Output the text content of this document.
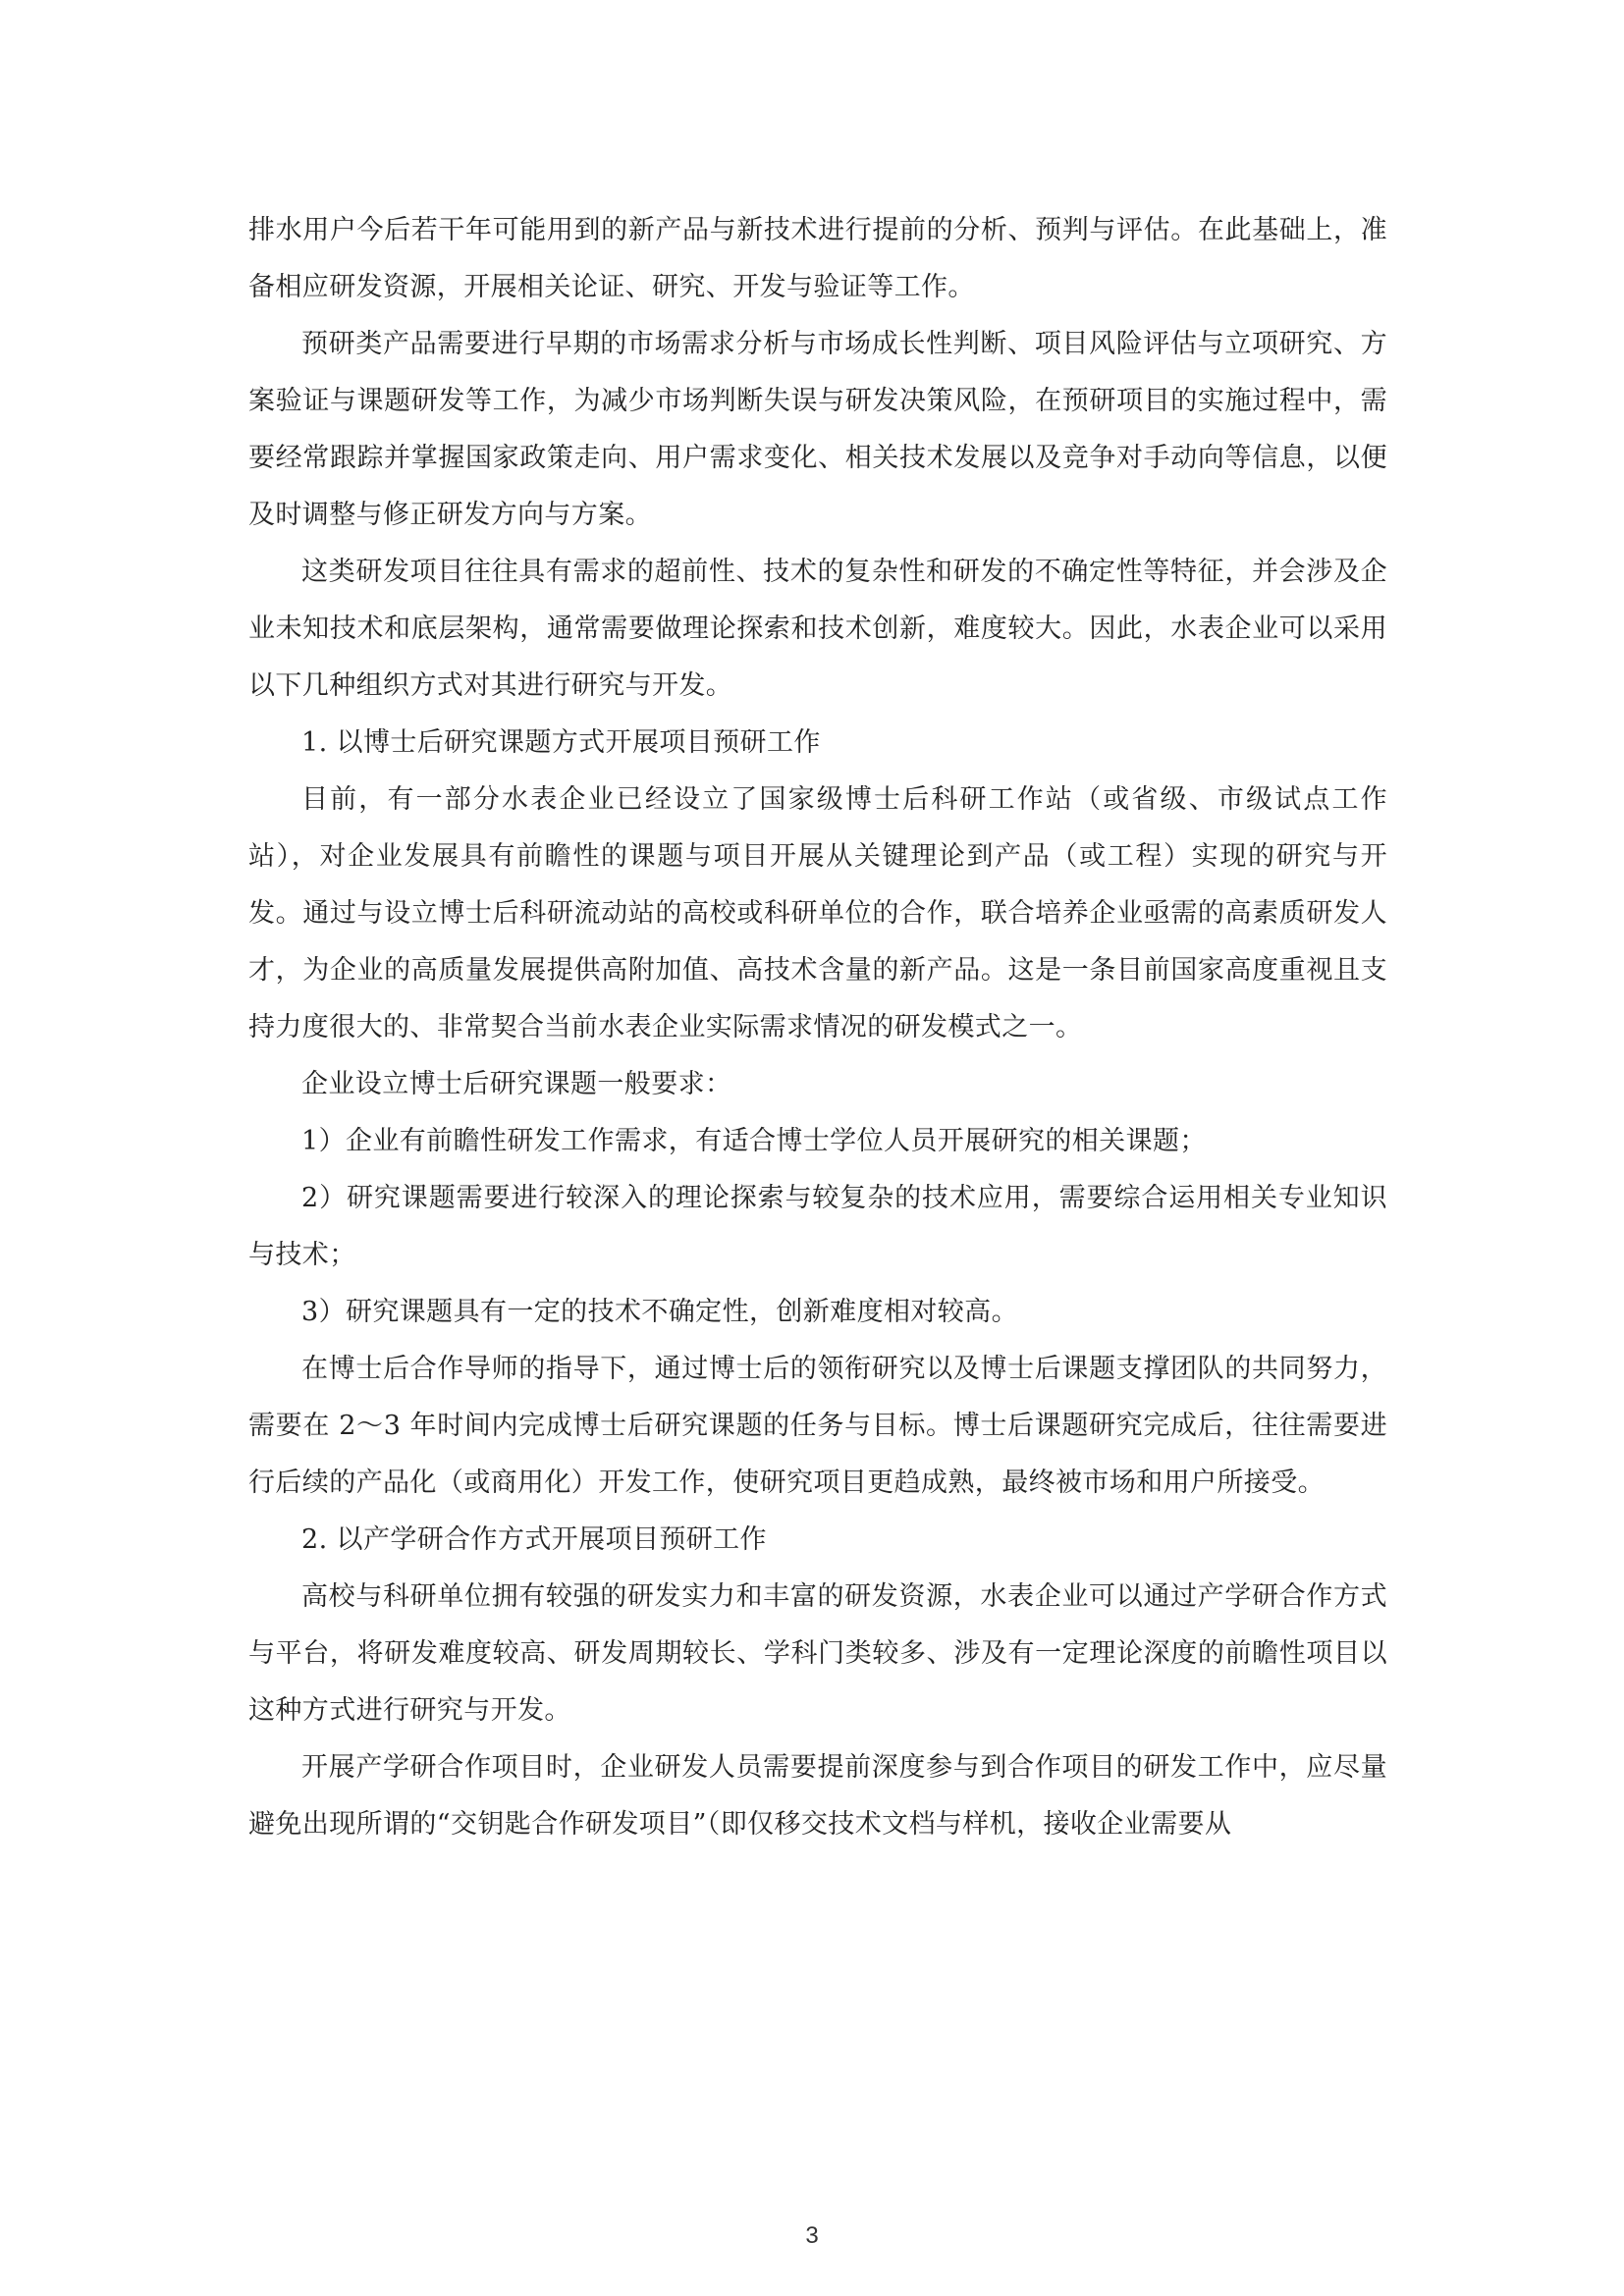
排水用户今后若干年可能用到的新产品与新技术进行提前的分析、预判与评估。在此基础上，准备相应研发资源，开展相关论证、研究、开发与验证等工作。

预研类产品需要进行早期的市场需求分析与市场成长性判断、项目风险评估与立项研究、方案验证与课题研发等工作，为减少市场判断失误与研发决策风险，在预研项目的实施过程中，需要经常跟踪并掌握国家政策走向、用户需求变化、相关技术发展以及竞争对手动向等信息，以便及时调整与修正研发方向与方案。

这类研发项目往往具有需求的超前性、技术的复杂性和研发的不确定性等特征，并会涉及企业未知技术和底层架构，通常需要做理论探索和技术创新，难度较大。因此，水表企业可以采用以下几种组织方式对其进行研究与开发。

1. 以博士后研究课题方式开展项目预研工作

目前，有一部分水表企业已经设立了国家级博士后科研工作站（或省级、市级试点工作站），对企业发展具有前瞻性的课题与项目开展从关键理论到产品（或工程）实现的研究与开发。通过与设立博士后科研流动站的高校或科研单位的合作，联合培养企业亟需的高素质研发人才，为企业的高质量发展提供高附加值、高技术含量的新产品。这是一条目前国家高度重视且支持力度很大的、非常契合当前水表企业实际需求情况的研发模式之一。

企业设立博士后研究课题一般要求：

1）企业有前瞻性研发工作需求，有适合博士学位人员开展研究的相关课题；

2）研究课题需要进行较深入的理论探索与较复杂的技术应用，需要综合运用相关专业知识与技术；

3）研究课题具有一定的技术不确定性，创新难度相对较高。

在博士后合作导师的指导下，通过博士后的领衔研究以及博士后课题支撑团队的共同努力，需要在 2～3 年时间内完成博士后研究课题的任务与目标。博士后课题研究完成后，往往需要进行后续的产品化（或商用化）开发工作，使研究项目更趋成熟，最终被市场和用户所接受。

2. 以产学研合作方式开展项目预研工作

高校与科研单位拥有较强的研发实力和丰富的研发资源，水表企业可以通过产学研合作方式与平台，将研发难度较高、研发周期较长、学科门类较多、涉及有一定理论深度的前瞻性项目以这种方式进行研究与开发。

开展产学研合作项目时，企业研发人员需要提前深度参与到合作项目的研发工作中，应尽量避免出现所谓的“交钥匙合作研发项目”（即仅移交技术文档与样机，接收企业需要从

3
